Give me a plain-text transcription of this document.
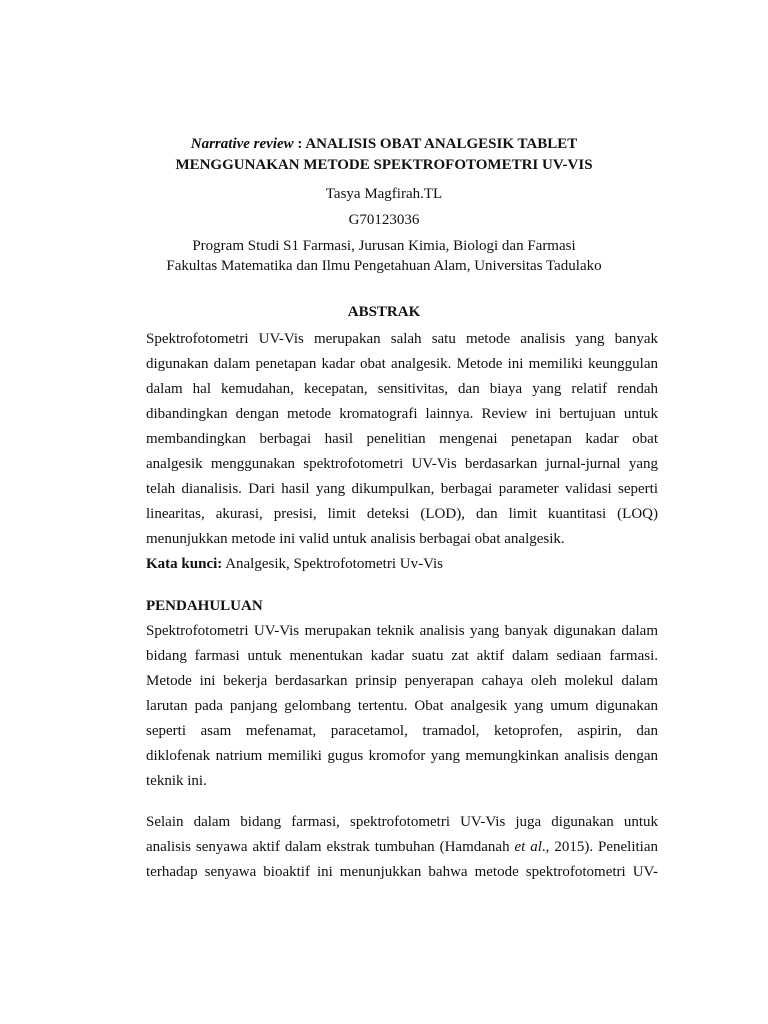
Narrative review : ANALISIS OBAT ANALGESIK TABLET
MENGGUNAKAN METODE SPEKTROFOTOMETRI UV-VIS
Tasya Magfirah.TL
G70123036
Program Studi S1 Farmasi, Jurusan Kimia, Biologi dan Farmasi
Fakultas Matematika dan Ilmu Pengetahuan Alam, Universitas Tadulako
ABSTRAK
Spektrofotometri UV-Vis merupakan salah satu metode analisis yang banyak
digunakan dalam penetapan kadar obat analgesik. Metode ini memiliki keunggulan
dalam hal kemudahan, kecepatan, sensitivitas, dan biaya yang relatif rendah
dibandingkan dengan metode kromatografi lainnya. Review ini bertujuan untuk
membandingkan berbagai hasil penelitian mengenai penetapan kadar obat
analgesik menggunakan spektrofotometri UV-Vis berdasarkan jurnal-jurnal yang
telah dianalisis. Dari hasil yang dikumpulkan, berbagai parameter validasi seperti
linearitas, akurasi, presisi, limit deteksi (LOD), dan limit kuantitasi (LOQ)
menunjukkan metode ini valid untuk analisis berbagai obat analgesik.
Kata kunci: Analgesik, Spektrofotometri Uv-Vis
PENDAHULUAN
Spektrofotometri UV-Vis merupakan teknik analisis yang banyak digunakan dalam
bidang farmasi untuk menentukan kadar suatu zat aktif dalam sediaan farmasi.
Metode ini bekerja berdasarkan prinsip penyerapan cahaya oleh molekul dalam
larutan pada panjang gelombang tertentu. Obat analgesik yang umum digunakan
seperti asam mefenamat, paracetamol, tramadol, ketoprofen, aspirin, dan
diklofenak natrium memiliki gugus kromofor yang memungkinkan analisis dengan
teknik ini.
Selain dalam bidang farmasi, spektrofotometri UV-Vis juga digunakan untuk
analisis senyawa aktif dalam ekstrak tumbuhan (Hamdanah et al., 2015). Penelitian
terhadap senyawa bioaktif ini menunjukkan bahwa metode spektrofotometri UV-
